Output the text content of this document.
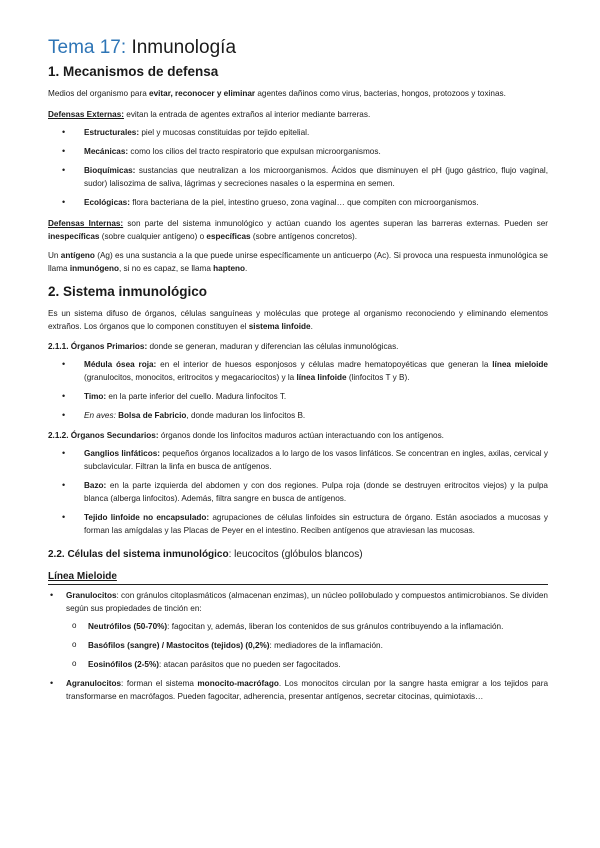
Tema 17: Inmunología
1. Mecanismos de defensa

Medios del organismo para evitar, reconocer y eliminar agentes dañinos como virus, bacterias, hongos, protozoos y toxinas.

Defensas Externas: evitan la entrada de agentes extraños al interior mediante barreras.

• Estructurales: piel y mucosas constituidas por tejido epitelial.
• Mecánicas: como los cilios del tracto respiratorio que expulsan microorganismos.
• Bioquímicas: sustancias que neutralizan a los microorganismos. Ácidos que disminuyen el pH (jugo gástrico, flujo vaginal, sudor) lalisozima de saliva, lágrimas y secreciones nasales o la espermina en semen.
• Ecológicas: flora bacteriana de la piel, intestino grueso, zona vaginal… que compiten con microorganismos.

Defensas Internas: son parte del sistema inmunológico y actúan cuando los agentes superan las barreras externas. Pueden ser inespecíficas (sobre cualquier antígeno) o específicas (sobre antígenos concretos).

Un antígeno (Ag) es una sustancia a la que puede unirse específicamente un anticuerpo (Ac). Si provoca una respuesta inmunológica se llama inmunógeno, si no es capaz, se llama hapteno.

2. Sistema inmunológico

Es un sistema difuso de órganos, células sanguíneas y moléculas que protege al organismo reconociendo y eliminando elementos extraños. Los órganos que lo componen constituyen el sistema linfoide.

2.1.1. Órganos Primarios: donde se generan, maduran y diferencian las células inmunológicas.

• Médula ósea roja: en el interior de huesos esponjosos y células madre hematopoyéticas que generan la línea mieloide (granulocitos, monocitos, eritrocitos y megacariocitos) y la línea linfoide (linfocitos T y B).
• Timo: en la parte inferior del cuello. Madura linfocitos T.
• En aves: Bolsa de Fabricio, donde maduran los linfocitos B.

2.1.2. Órganos Secundarios: órganos donde los linfocitos maduros actúan interactuando con los antígenos.

• Ganglios linfáticos: pequeños órganos localizados a lo largo de los vasos linfáticos. Se concentran en ingles, axilas, cervical y subclavicular. Filtran la linfa en busca de antígenos.
• Bazo: en la parte izquierda del abdomen y con dos regiones. Pulpa roja (donde se destruyen eritrocitos viejos) y la pulpa blanca (alberga linfocitos). Además, filtra sangre en busca de antígenos.
• Tejido linfoide no encapsulado: agrupaciones de células linfoides sin estructura de órgano. Están asociados a mucosas y forman las amígdalas y las Placas de Peyer en el intestino. Reciben antígenos que atraviesan las mucosas.
2.2. Células del sistema inmunológico: leucocitos (glóbulos blancos)
Línea Mieloide
• Granulocitos: con gránulos citoplasmáticos (almacenan enzimas), un núcleo polilobulado y compuestos antimicrobianos. Se dividen según sus propiedades de tinción en:
o Neutrófilos (50-70%): fagocitan y, además, liberan los contenidos de sus gránulos contribuyendo a la inflamación.
o Basófilos (sangre) / Mastocitos (tejidos) (0,2%): mediadores de la inflamación.
o Eosinófilos (2-5%): atacan parásitos que no pueden ser fagocitados.
• Agranulocitos: forman el sistema monocito-macrófago. Los monocitos circulan por la sangre hasta emigrar a los tejidos para transformarse en macrófagos. Pueden fagocitar, adherencia, presentar antígenos, secretar citocinas, quimiotaxis…
